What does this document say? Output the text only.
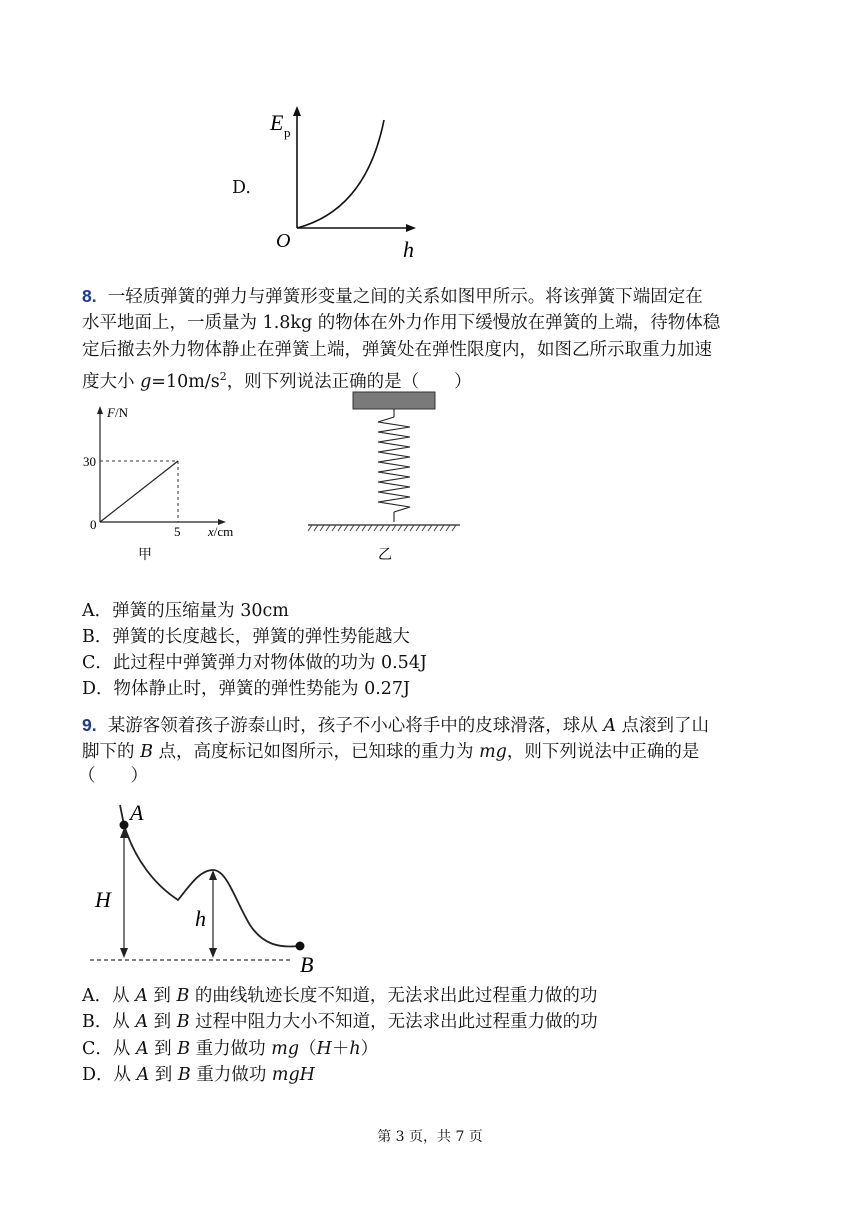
D.
E p
O	h
8. 一轻质弹簧的弹力与弹簧形变量之间的关系如图甲所示。将该弹簧下端固定在
水平地面上，一质量为 1.8kg 的物体在外力作用下缓慢放在弹簧的上端，待物体稳
定后撤去外力物体静止在弹簧上端，弹簧处在弹性限度内，如图乙所示取重力加速
度大小 $g=10m/s^2$，则下列说法正确的是（　　）
F/N
30
0	5 x/cm
甲	乙
A．弹簧的压缩量为 30cm
B．弹簧的长度越长，弹簧的弹性势能越大
C．此过程中弹簧弹力对物体做的功为 0.54J
D．物体静止时，弹簧的弹性势能为 0.27J
9. 某游客领着孩子游泰山时，孩子不小心将手中的皮球滑落，球从 A 点滚到了山
脚下的 B 点，高度标记如图所示，已知球的重力为 mg，则下列说法中正确的是
（　　）
A
H
h
B
A．从 A 到 B 的曲线轨迹长度不知道，无法求出此过程重力做的功
B．从 A 到 B 过程中阻力大小不知道，无法求出此过程重力做的功
C．从 A 到 B 重力做功 mg（H＋h）
D．从 A 到 B 重力做功 mgH
第 3 页，共 7 页
